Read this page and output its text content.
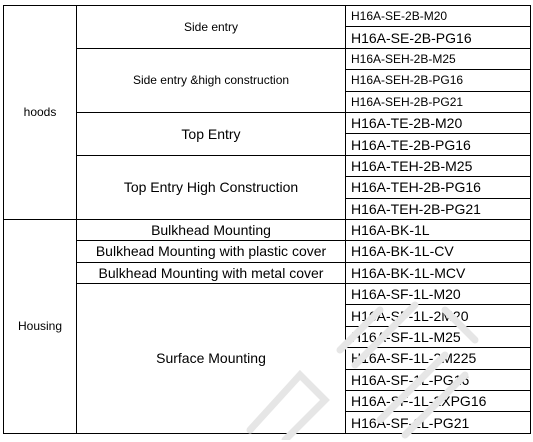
hoods	Side entry	H16A-SE-2B-M20
		H16A-SE-2B-PG16
	Side entry &high construction	H16A-SEH-2B-M25
		H16A-SEH-2B-PG16
		H16A-SEH-2B-PG21
	Top Entry	H16A-TE-2B-M20
		H16A-TE-2B-PG16
	Top Entry High Construction	H16A-TEH-2B-M25
		H16A-TEH-2B-PG16
		H16A-TEH-2B-PG21
Housing	Bulkhead Mounting	H16A-BK-1L
	Bulkhead Mounting with plastic cover	H16A-BK-1L-CV
	Bulkhead Mounting with metal cover	H16A-BK-1L-MCV
	Surface Mounting	H16A-SF-1L-M20
		H16A-SF-1L-2M20
		H16A-SF-1L-M25
		H16A-SF-1L-2M225
		H16A-SF-1L-PG16
		H16A-SF-1L-2XPG16
		H16A-SF-1L-PG21
